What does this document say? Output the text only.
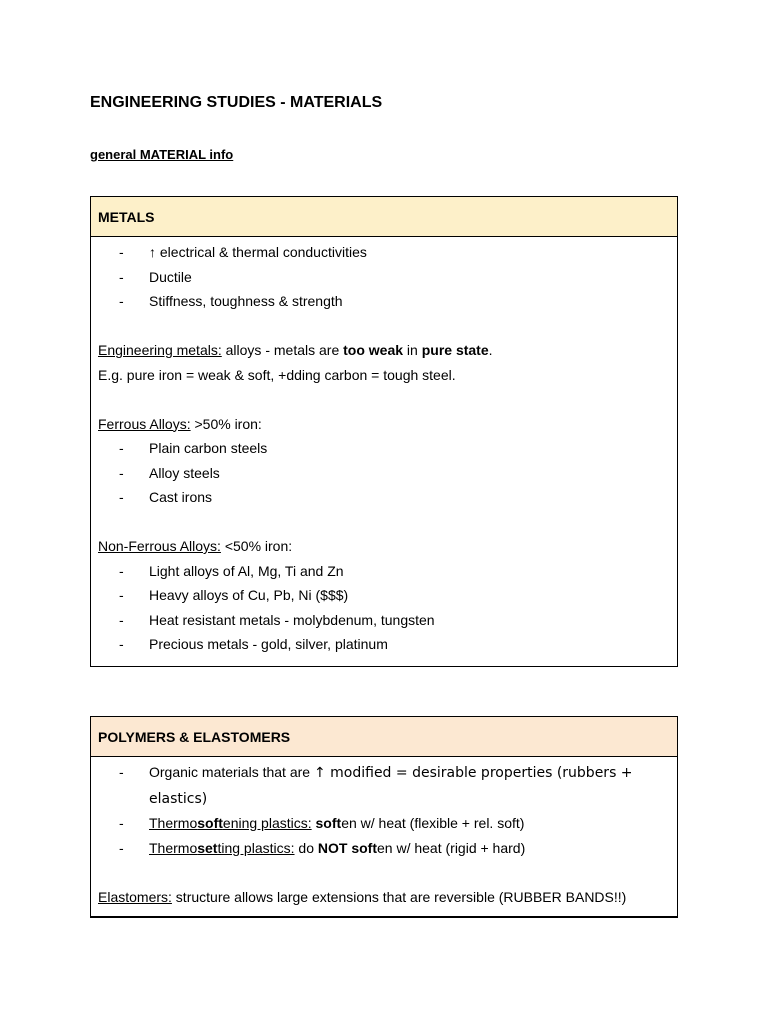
ENGINEERING STUDIES - MATERIALS
general MATERIAL info
METALS
-	↑ electrical & thermal conductivities
-	Ductile
-	Stiffness, toughness & strength
Engineering metals: alloys - metals are too weak in pure state.
E.g. pure iron = weak & soft, +dding carbon = tough steel.
Ferrous Alloys: >50% iron:
-	Plain carbon steels
-	Alloy steels
-	Cast irons
Non-Ferrous Alloys: <50% iron:
-	Light alloys of Al, Mg, Ti and Zn
-	Heavy alloys of Cu, Pb, Ni ($$$)
-	Heat resistant metals - molybdenum, tungsten
-	Precious metals - gold, silver, platinum
POLYMERS & ELASTOMERS
-	Organic materials that are ↑ modified = desirable properties (rubbers + elastics)
-	Thermosoftening plastics: soften w/ heat (flexible + rel. soft)
-	Thermosetting plastics: do NOT soften w/ heat (rigid + hard)
Elastomers: structure allows large extensions that are reversible (RUBBER BANDS!!)
